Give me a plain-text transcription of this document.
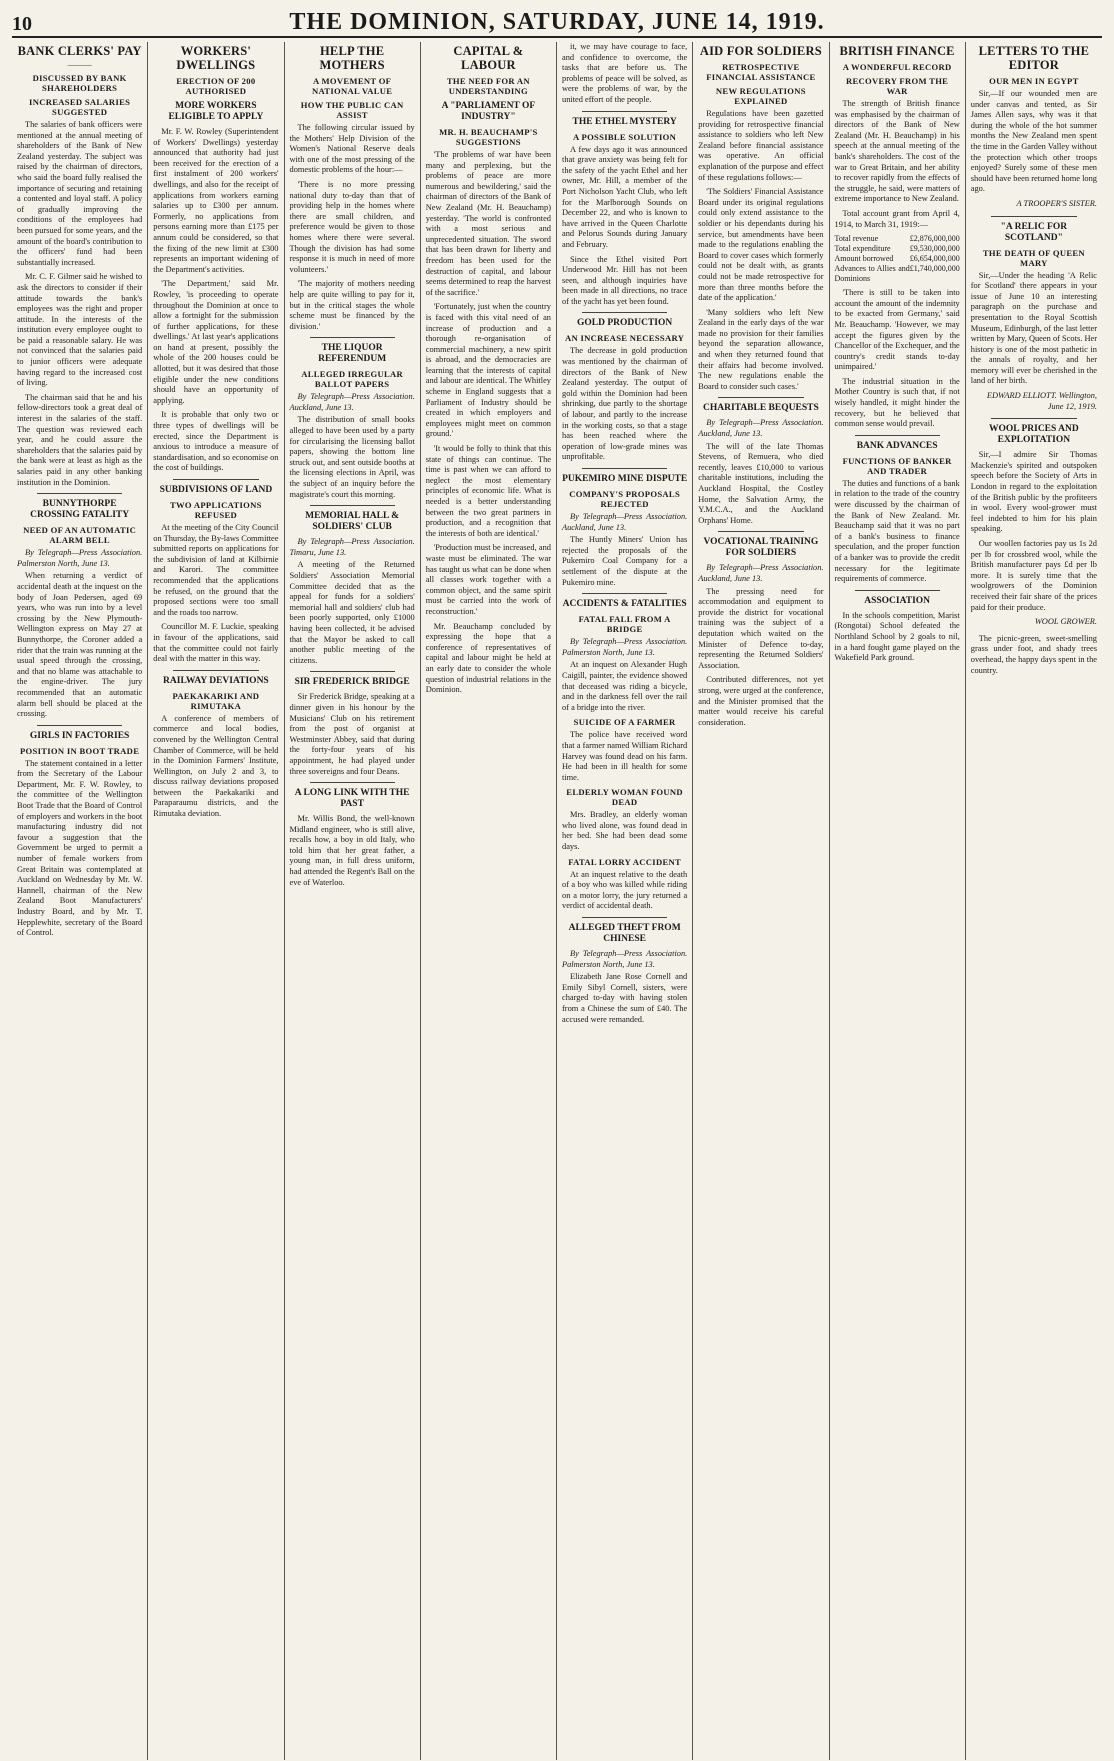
10	THE DOMINION, SATURDAY, JUNE 14, 1919.
BANK CLERKS' PAY
———
DISCUSSED BY BANK SHAREHOLDERS
INCREASED SALARIES SUGGESTED

The salaries of bank officers were mentioned at the annual meeting of shareholders of the Bank of New Zealand yesterday. The subject was raised by the chairman of directors, who said the board fully realised the importance of securing and retaining a contented and loyal staff. A policy of gradually improving the conditions of the employees had been pursued for some years, and the amount of the board's contribution to the officers' fund had been substantially increased.

Mr. C. F. Gilmer said he wished to ask the directors to consider if their attitude towards the bank's employees was the right and proper attitude. In the interests of the institution every employee ought to be paid a reasonable salary. He was not convinced that the salaries paid to junior officers were adequate having regard to the increased cost of living.

The chairman said that he and his fellow-directors took a great deal of interest in the salaries of the staff. The question was reviewed each year, and he could assure the shareholders that the salaries paid by the bank were at least as high as the salaries paid in any other banking institution in the Dominion.

BUNNYTHORPE CROSSING FATALITY
NEED OF AN AUTOMATIC ALARM BELL

By Telegraph—Press Association. Palmerston North, June 13.

When returning a verdict of accidental death at the inquest on the body of Joan Pedersen, aged 69 years, who was run into by a level crossing by the New Plymouth-Wellington express on May 27 at Bunnythorpe, the Coroner added a rider that the train was running at the usual speed through the crossing, and that no blame was attachable to the engine-driver. The jury recommended that an automatic alarm bell should be placed at the crossing.

GIRLS IN FACTORIES
POSITION IN BOOT TRADE

The statement contained in a letter from the Secretary of the Labour Department, Mr. F. W. Rowley, to the committee of the Wellington Boot Trade that the Board of Control of employers and workers in the boot manufacturing industry did not favour a suggestion that the Government be urged to permit a number of female workers from Great Britain was contemplated at Auckland on Wednesday by Mr. W. Hannell, chairman of the New Zealand Boot Manufacturers' Industry Board, and by Mr. T. Hepplewhite, secretary of the Board of Control.

WORKERS' DWELLINGS
ERECTION OF 200 AUTHORISED
MORE WORKERS ELIGIBLE TO APPLY

Mr. F. W. Rowley (Superintendent of Workers' Dwellings) yesterday announced that authority had just been received for the erection of a first instalment of 200 workers' dwellings, and also for the receipt of applications from workers earning salaries up to £300 per annum. Formerly, no applications from persons earning more than £175 per annum could be considered, so that the fixing of the new limit at £300 represents an important widening of the Department's activities.

'The Department,' said Mr. Rowley, 'is proceeding to operate throughout the Dominion at once to allow a fortnight for the submission of further applications, for these dwellings.' At last year's applications on hand at present, possibly the whole of the 200 houses could be allotted, but it was desired that those eligible under the new conditions should have an opportunity of applying.

It is probable that only two or three types of dwellings will be erected, since the Department is anxious to introduce a measure of standardisation, and so economise on the cost of buildings.

SUBDIVISIONS OF LAND
TWO APPLICATIONS REFUSED

At the meeting of the City Council on Thursday, the By-laws Committee submitted reports on applications for the subdivision of land at Kilbirnie and Karori. The committee recommended that the applications be refused, on the ground that the proposed sections were too small and the roads too narrow.

Councillor M. F. Luckie, speaking in favour of the applications, said that the committee could not fairly deal with the matter in this way.

RAILWAY DEVIATIONS
PAEKAKARIKI AND RIMUTAKA

A conference of members of commerce and local bodies, convened by the Wellington Central Chamber of Commerce, will be held in the Dominion Farmers' Institute, Wellington, on July 2 and 3, to discuss railway deviations proposed between the Paekakariki and Paraparaumu districts, and the Rimutaka deviation.

HELP THE MOTHERS
A MOVEMENT OF NATIONAL VALUE
HOW THE PUBLIC CAN ASSIST

The following circular issued by the Mothers' Help Division of the Women's National Reserve deals with one of the most pressing of the domestic problems of the hour:—

'There is no more pressing national duty to-day than that of providing help in the homes where there are small children, and preference would be given to those homes where there were several. Though the division has had some response it is much in need of more volunteers.'

'The majority of mothers needing help are quite willing to pay for it, but in the critical stages the whole scheme must be financed by the division.'

THE LIQUOR REFERENDUM
ALLEGED IRREGULAR BALLOT PAPERS

By Telegraph—Press Association. Auckland, June 13.

The distribution of small books alleged to have been used by a party for circularising the licensing ballot papers, showing the bottom line struck out, and sent outside booths at the licensing elections in April, was the subject of an inquiry before the magistrate's court this morning.

MEMORIAL HALL & SOLDIERS' CLUB

By Telegraph—Press Association. Timaru, June 13.

A meeting of the Returned Soldiers' Association Memorial Committee decided that as the appeal for funds for a soldiers' memorial hall and soldiers' club had been poorly supported, only £1000 having been collected, it be advised that the Mayor be asked to call another public meeting of the citizens.

SIR FREDERICK BRIDGE

Sir Frederick Bridge, speaking at a dinner given in his honour by the Musicians' Club on his retirement from the post of organist at Westminster Abbey, said that during the forty-four years of his appointment, he had played under three sovereigns and four Deans.

A LONG LINK WITH THE PAST

Mr. Willis Bond, the well-known Midland engineer, who is still alive, recalls how, a boy in old Italy, who told him that her great father, a young man, in full dress uniform, had attended the Regent's Ball on the eve of Waterloo.

CAPITAL & LABOUR
THE NEED FOR AN UNDERSTANDING
A "PARLIAMENT OF INDUSTRY"
MR. H. BEAUCHAMP'S SUGGESTIONS

'The problems of war have been many and perplexing, but the problems of peace are more numerous and bewildering,' said the chairman of directors of the Bank of New Zealand (Mr. H. Beauchamp) yesterday. 'The world is confronted with a most serious and unprecedented situation. The sword that has been drawn for liberty and freedom has been used for the destruction of capital, and labour seems determined to reap the harvest of the sacrifice.'

'Fortunately, just when the country is faced with this vital need of an increase of production and a thorough re-organisation of commercial machinery, a new spirit is abroad, and the democracies are learning that the interests of capital and labour are identical. The Whitley scheme in England suggests that a Parliament of Industry should be created in which employers and employees might meet on common ground.'

'It would be folly to think that this state of things can continue. The time is past when we can afford to neglect the most elementary principles of economic life. What is needed is a better understanding between the two great partners in production, and a recognition that the interests of both are identical.'

'Production must be increased, and waste must be eliminated. The war has taught us what can be done when all classes work together with a common object, and the same spirit must be carried into the work of reconstruction.'

Mr. Beauchamp concluded by expressing the hope that a conference of representatives of capital and labour might be held at an early date to consider the whole question of industrial relations in the Dominion.

it, we may have courage to face, and confidence to overcome, the tasks that are before us. The problems of peace will be solved, as were the problems of war, by the united effort of the people.

THE ETHEL MYSTERY
A POSSIBLE SOLUTION

A few days ago it was announced that grave anxiety was being felt for the safety of the yacht Ethel and her owner, Mr. Hill, a member of the Port Nicholson Yacht Club, who left for the Marlborough Sounds on December 22, and who is known to have arrived in the Queen Charlotte and Pelorus Sounds during January and February.

Since the Ethel visited Port Underwood Mr. Hill has not been seen, and although inquiries have been made in all directions, no trace of the yacht has yet been found.

GOLD PRODUCTION
AN INCREASE NECESSARY

The decrease in gold production was mentioned by the chairman of directors of the Bank of New Zealand yesterday. The output of gold within the Dominion had been shrinking, due partly to the shortage of labour, and partly to the increase in the working costs, so that a stage has been reached where the operation of low-grade mines was unprofitable.

PUKEMIRO MINE DISPUTE
COMPANY'S PROPOSALS REJECTED

By Telegraph—Press Association. Auckland, June 13.

The Huntly Miners' Union has rejected the proposals of the Pukemiro Coal Company for a settlement of the dispute at the Pukemiro mine.

ACCIDENTS & FATALITIES
FATAL FALL FROM A BRIDGE

By Telegraph—Press Association. Palmerston North, June 13.

At an inquest on Alexander Hugh Caigill, painter, the evidence showed that deceased was riding a bicycle, and in the darkness fell over the rail of a bridge into the river.

SUICIDE OF A FARMER

The police have received word that a farmer named William Richard Harvey was found dead on his farm. He had been in ill health for some time.

ELDERLY WOMAN FOUND DEAD

Mrs. Bradley, an elderly woman who lived alone, was found dead in her bed. She had been dead some days.

FATAL LORRY ACCIDENT

At an inquest relative to the death of a boy who was killed while riding on a motor lorry, the jury returned a verdict of accidental death.

ALLEGED THEFT FROM CHINESE

By Telegraph—Press Association. Palmerston North, June 13.

Elizabeth Jane Rose Cornell and Emily Sibyl Cornell, sisters, were charged to-day with having stolen from a Chinese the sum of £40. The accused were remanded.

AID FOR SOLDIERS
RETROSPECTIVE FINANCIAL ASSISTANCE
NEW REGULATIONS EXPLAINED

Regulations have been gazetted providing for retrospective financial assistance to soldiers who left New Zealand before financial assistance was operative. An official explanation of the purpose and effect of these regulations follows:—

'The Soldiers' Financial Assistance Board under its original regulations could only extend assistance to the soldier or his dependants during his service, but amendments have been made to the regulations enabling the Board to cover cases which formerly could not be dealt with, as grants could not be made retrospective for more than three months before the date of the application.'

'Many soldiers who left New Zealand in the early days of the war made no provision for their families beyond the separation allowance, and when they returned found that their affairs had become involved. The new regulations enable the Board to consider such cases.'

CHARITABLE BEQUESTS

By Telegraph—Press Association. Auckland, June 13.

The will of the late Thomas Stevens, of Remuera, who died recently, leaves £10,000 to various charitable institutions, including the Auckland Hospital, the Costley Home, the Salvation Army, the Y.M.C.A., and the Auckland Orphans' Home.

VOCATIONAL TRAINING FOR SOLDIERS

By Telegraph—Press Association. Auckland, June 13.

The pressing need for accommodation and equipment to provide the district for vocational training was the subject of a deputation which waited on the Minister of Defence to-day, representing the Returned Soldiers' Association.

Contributed differences, not yet strong, were urged at the conference, and the Minister promised that the matter would receive his careful consideration.

BRITISH FINANCE
A WONDERFUL RECORD
RECOVERY FROM THE WAR

The strength of British finance was emphasised by the chairman of directors of the Bank of New Zealand (Mr. H. Beauchamp) in his speech at the annual meeting of the bank's shareholders. The cost of the war to Great Britain, and her ability to recover rapidly from the effects of the struggle, he said, were matters of extreme importance to New Zealand.

Total account grant from April 4, 1914, to March 31, 1919:—

Total revenue	£2,876,000,000
Total expenditure £9,530,000,000
Amount borrowed £6,654,000,000
Advances to Allies and Dominions
£1,740,000,000

'There is still to be taken into account the amount of the indemnity to be exacted from Germany,' said Mr. Beauchamp. 'However, we may accept the figures given by the Chancellor of the Exchequer, and the country's credit stands to-day unimpaired.'

The industrial situation in the Mother Country is such that, if not wisely handled, it might hinder the recovery, but he believed that common sense would prevail.

BANK ADVANCES
FUNCTIONS OF BANKER AND TRADER

The duties and functions of a bank in relation to the trade of the country were discussed by the chairman of the Bank of New Zealand. Mr. Beauchamp said that it was no part of a bank's business to finance speculation, and the proper function of a banker was to provide the credit necessary for the legitimate requirements of commerce.

ASSOCIATION

In the schools competition, Marist (Rongotai) School defeated the Northland School by 2 goals to nil, in a hard fought game played on the Wakefield Park ground.

LETTERS TO THE EDITOR
OUR MEN IN EGYPT

Sir,—If our wounded men are under canvas and tented, as Sir James Allen says, why was it that during the whole of the hot summer months the New Zealand men spent the time in the Garden Valley without the protection which other troops enjoyed? Surely some of these men should have been returned home long ago.

A TROOPER'S SISTER.

"A RELIC FOR SCOTLAND"
THE DEATH OF QUEEN MARY

Sir,—Under the heading 'A Relic for Scotland' there appears in your issue of June 10 an interesting paragraph on the purchase and presentation to the Royal Scottish Museum, Edinburgh, of the last letter written by Mary, Queen of Scots. Her history is one of the most pathetic in the annals of royalty, and her memory will ever be cherished in the land of her birth.

EDWARD ELLIOTT. Wellington, June 12, 1919.

WOOL PRICES AND EXPLOITATION

Sir,—I admire Sir Thomas Mackenzie's spirited and outspoken speech before the Society of Arts in London in regard to the exploitation of the British public by the profiteers in wool. Every wool-grower must feel indebted to him for his plain speaking.

Our woollen factories pay us 1s 2d per lb for crossbred wool, while the British manufacturer pays £d per lb more. It is surely time that the woolgrowers of the Dominion received their fair share of the prices paid for their produce.

WOOL GROWER.

The picnic-green, sweet-smelling grass under foot, and shady trees overhead, the happy days spent in the country.
